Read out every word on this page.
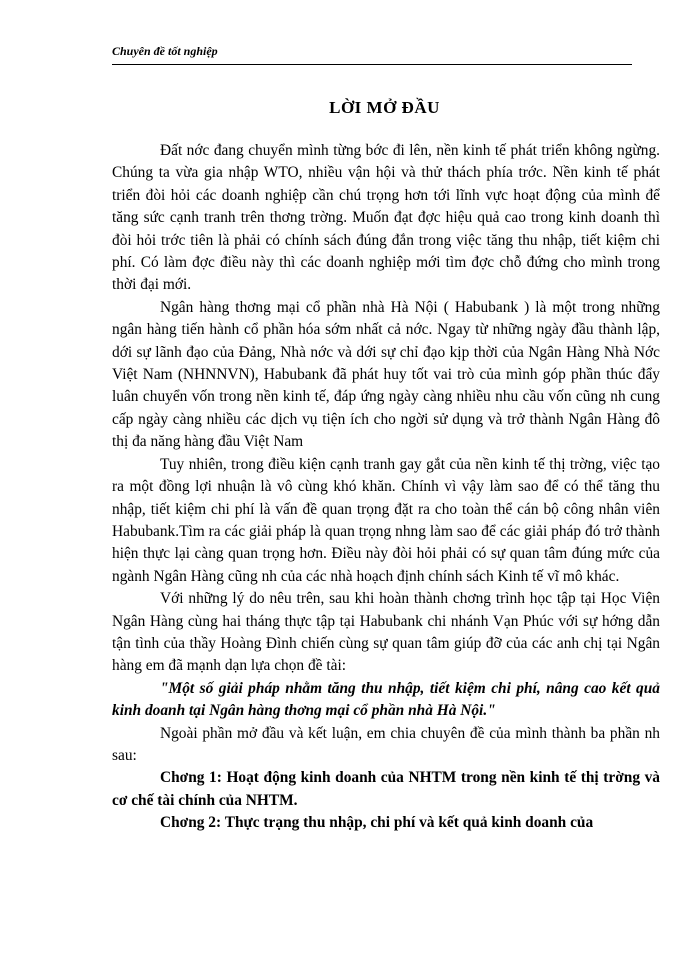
Chuyên đề tốt nghiệp
LỜI MỞ ĐẦU

Đất nớc đang chuyển mình từng bớc đi lên, nền kinh tế phát triển không ngừng. Chúng ta vừa gia nhập WTO, nhiều vận hội và thử thách phía trớc. Nền kinh tế phát triển đòi hỏi các doanh nghiệp cần chú trọng hơn tới lĩnh vực hoạt động của mình để tăng sức cạnh tranh trên thơng trờng. Muốn đạt đợc hiệu quả cao trong kinh doanh thì đòi hỏi trớc tiên là phải có chính sách đúng đắn trong việc tăng thu nhập, tiết kiệm chi phí. Có làm đợc điều này thì các doanh nghiệp mới tìm đợc chỗ đứng cho mình trong thời đại mới.

Ngân hàng thơng mại cổ phần nhà Hà Nội ( Habubank ) là một trong những ngân hàng tiến hành cổ phần hóa sớm nhất cả nớc. Ngay từ những ngày đầu thành lập, dới sự lãnh đạo của Đảng, Nhà nớc và dới sự chỉ đạo kịp thời của Ngân Hàng Nhà Nớc Việt Nam (NHNNVN), Habubank đã phát huy tốt vai trò của mình góp phần thúc đẩy luân chuyển vốn trong nền kinh tế, đáp ứng ngày càng nhiều nhu cầu vốn cũng nh cung cấp ngày càng nhiều các dịch vụ tiện ích cho ngời sử dụng và trở thành Ngân Hàng đô thị đa năng hàng đầu Việt Nam

Tuy nhiên, trong điều kiện cạnh tranh gay gắt của nền kinh tế thị trờng, việc tạo ra một đồng lợi nhuận là vô cùng khó khăn. Chính vì vậy làm sao để có thể tăng thu nhập, tiết kiệm chi phí là vấn đề quan trọng đặt ra cho toàn thể cán bộ công nhân viên Habubank.Tìm ra các giải pháp là quan trọng nhng làm sao để các giải pháp đó trở thành hiện thực lại càng quan trọng hơn. Điều này đòi hỏi phải có sự quan tâm đúng mức của ngành Ngân Hàng cũng nh của các nhà hoạch định chính sách Kinh tế vĩ mô khác.

Với những lý do nêu trên, sau khi hoàn thành chơng trình học tập tại Học Viện Ngân Hàng cùng hai tháng thực tập tại Habubank chi nhánh Vạn Phúc với sự hớng dẫn tận tình của thầy Hoàng Đình chiến cùng sự quan tâm giúp đỡ của các anh chị tại Ngân hàng em đã mạnh dạn lựa chọn đề tài:

"Một số giải pháp nhằm tăng thu nhập, tiết kiệm chi phí, nâng cao kết quả kinh doanh tại Ngân hàng thơng mại cổ phần nhà Hà Nội."

Ngoài phần mở đầu và kết luận, em chia chuyên đề của mình thành ba phần nh sau:

Chơng 1: Hoạt động kinh doanh của NHTM trong nền kinh tế thị trờng và cơ chế tài chính của NHTM.

Chơng 2: Thực trạng thu nhập, chi phí và kết quả kinh doanh của
